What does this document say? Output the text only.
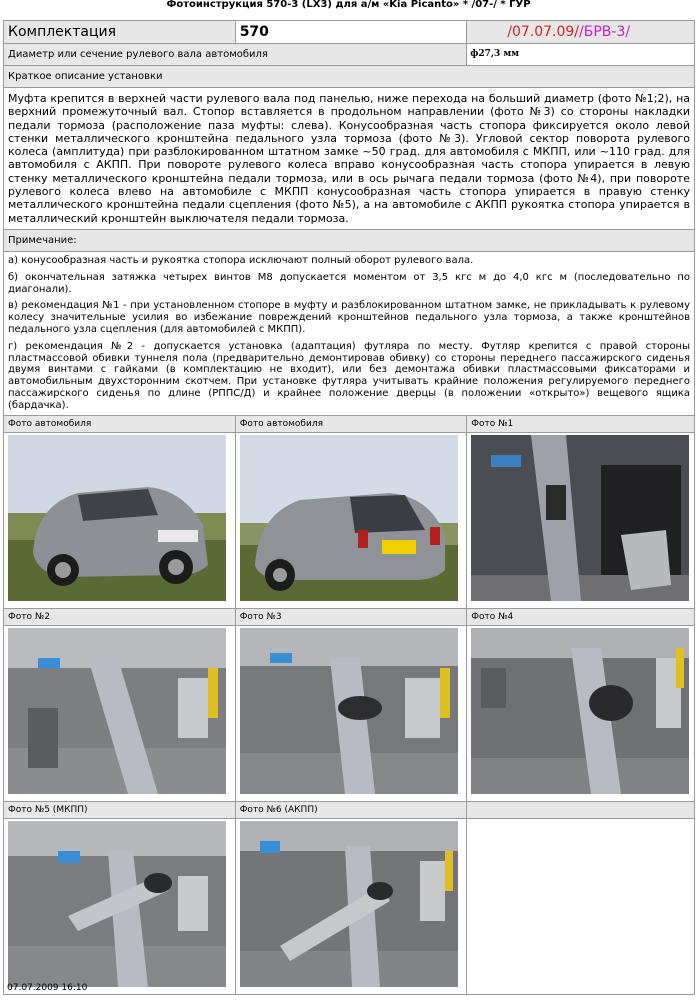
Фотоинструкция 570-3 (LX3) для а/м «Kia Picanto» * /07-/ * ГУР
Комплектация	570	/07.07.09//БРВ-3/
Диаметр или сечение рулевого вала автомобиля		ф27,3 мм
Краткое описание установки		
Муфта крепится в верхней части рулевого вала под панелью, ниже перехода на больший диаметр (фото №1;2), на верхний промежуточный вал. Стопор вставляется в продольном направлении (фото №3) со стороны накладки педали тормоза (расположение паза муфты: слева). Конусообразная часть стопора фиксируется около левой стенки металлического кронштейна педального узла тормоза (фото №3). Угловой сектор поворота рулевого колеса (амплитуда) при разблокированном штатном замке ~50 град. для автомобиля с МКПП, или ~110 град. для автомобиля с АКПП. При повороте рулевого колеса вправо конусообразная часть стопора упирается в левую стенку металлического кронштейна педали тормоза, или в ось рычага педали тормоза (фото №4), при повороте рулевого колеса влево на автомобиле с МКПП конусообразная часть стопора упирается в правую стенку металлического кронштейна педали сцепления (фото №5), а на автомобиле с АКПП рукоятка стопора упирается в металлический кронштейн выключателя педали тормоза.		
Примечание:		

а) конусообразная часть и рукоятка стопора исключают полный оборот рулевого вала.

б) окончательная затяжка четырех винтов М8 допускается моментом от 3,5 кгс м до 4,0 кгс м (последовательно по диагонали).

в) рекомендация №1 - при установленном стопоре в муфту и разблокированном штатном замке, не прикладывать к рулевому колесу значительные усилия во избежание повреждений кронштейнов педального узла тормоза, а также кронштейнов педального узла сцепления (для автомобилей с МКПП).

г) рекомендация №2 - допускается установка (адаптация) футляра по месту. Футляр крепится с правой стороны пластмассовой обивки туннеля пола (предварительно демонтировав обивку) со стороны переднего пассажирского сиденья двумя винтами с гайками (в комплектацию не входит), или без демонтажа обивки пластмассовыми фиксаторами и автомобильным двухсторонним скотчем. При установке футляра учитывать крайние положения регулируемого переднего пассажирского сиденья по длине (РППС/Д) и крайнее положение дверцы (в положении «открыто») вещевого ящика (бардачка).		

Фото автомобиля	Фото автомобиля	Фото №1

Фото №2	Фото №3	Фото №4

Фото №5 (МКПП)	Фото №6 (АКПП)	

07.07.2009 16:10
